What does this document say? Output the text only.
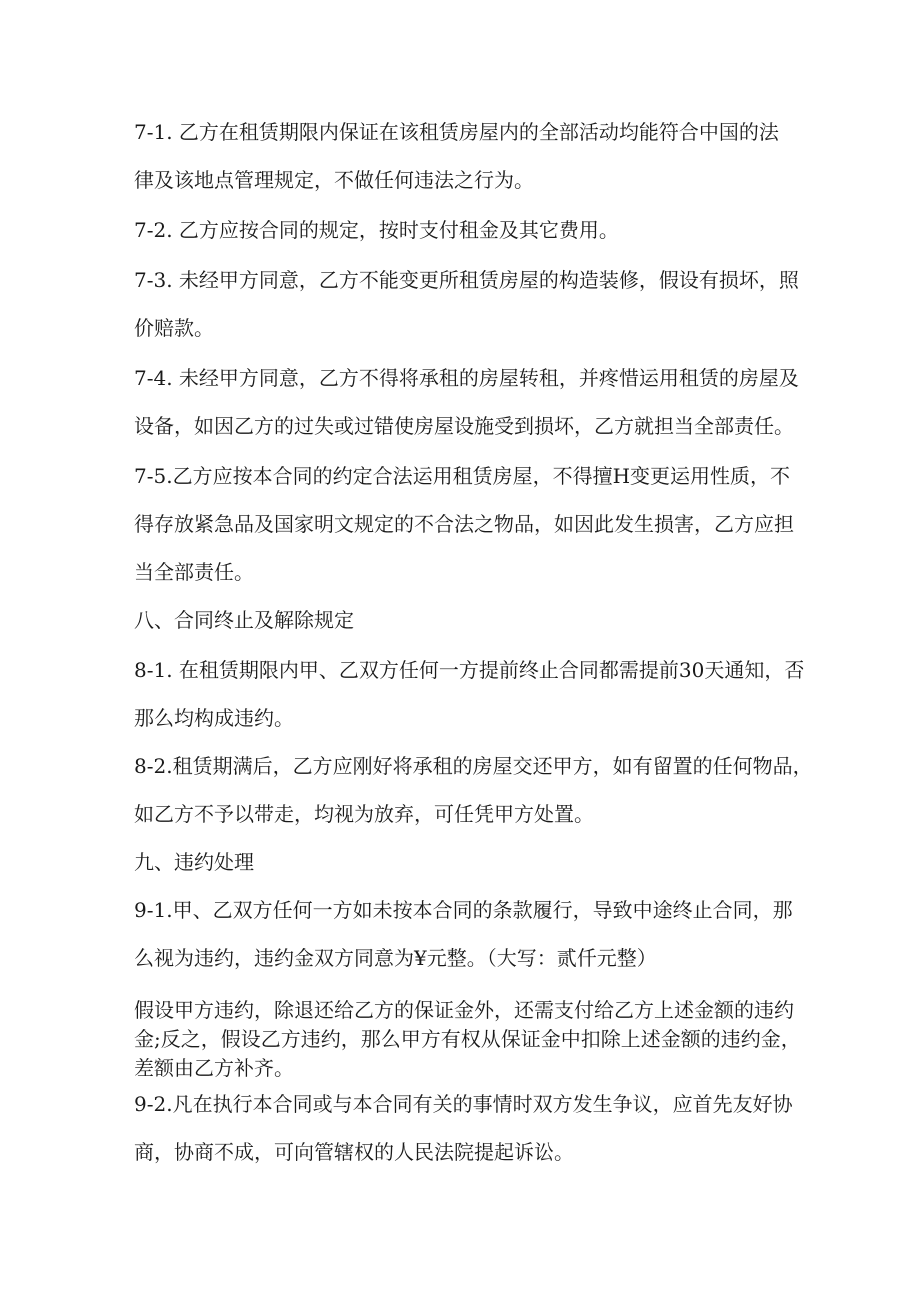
7-1. 乙方在租赁期限内保证在该租赁房屋内的全部活动均能符合中国的法
律及该地点管理规定，不做任何违法之行为。
7-2. 乙方应按合同的规定，按时支付租金及其它费用。
7-3. 未经甲方同意，乙方不能变更所租赁房屋的构造装修，假设有损坏，照
价赔款。
7-4. 未经甲方同意，乙方不得将承租的房屋转租，并疼惜运用租赁的房屋及
设备，如因乙方的过失或过错使房屋设施受到损坏，乙方就担当全部责任。
7-5.乙方应按本合同的约定合法运用租赁房屋，不得擅H变更运用性质，不
得存放紧急品及国家明文规定的不合法之物品，如因此发生损害，乙方应担
当全部责任。
八、合同终止及解除规定
8-1. 在租赁期限内甲、乙双方任何一方提前终止合同都需提前30天通知，否
那么均构成违约。
8-2.租赁期满后，乙方应刚好将承租的房屋交还甲方，如有留置的任何物品，
如乙方不予以带走，均视为放弃，可任凭甲方处置。
九、违约处理
9-1.甲、乙双方任何一方如未按本合同的条款履行，导致中途终止合同，那
么视为违约，违约金双方同意为¥元整。（大写：贰仟元整）
假设甲方违约，除退还给乙方的保证金外，还需支付给乙方上述金额的违约
金;反之，假设乙方违约，那么甲方有权从保证金中扣除上述金额的违约金，
差额由乙方补齐。
9-2.凡在执行本合同或与本合同有关的事情时双方发生争议，应首先友好协
商，协商不成，可向管辖权的人民法院提起诉讼。
